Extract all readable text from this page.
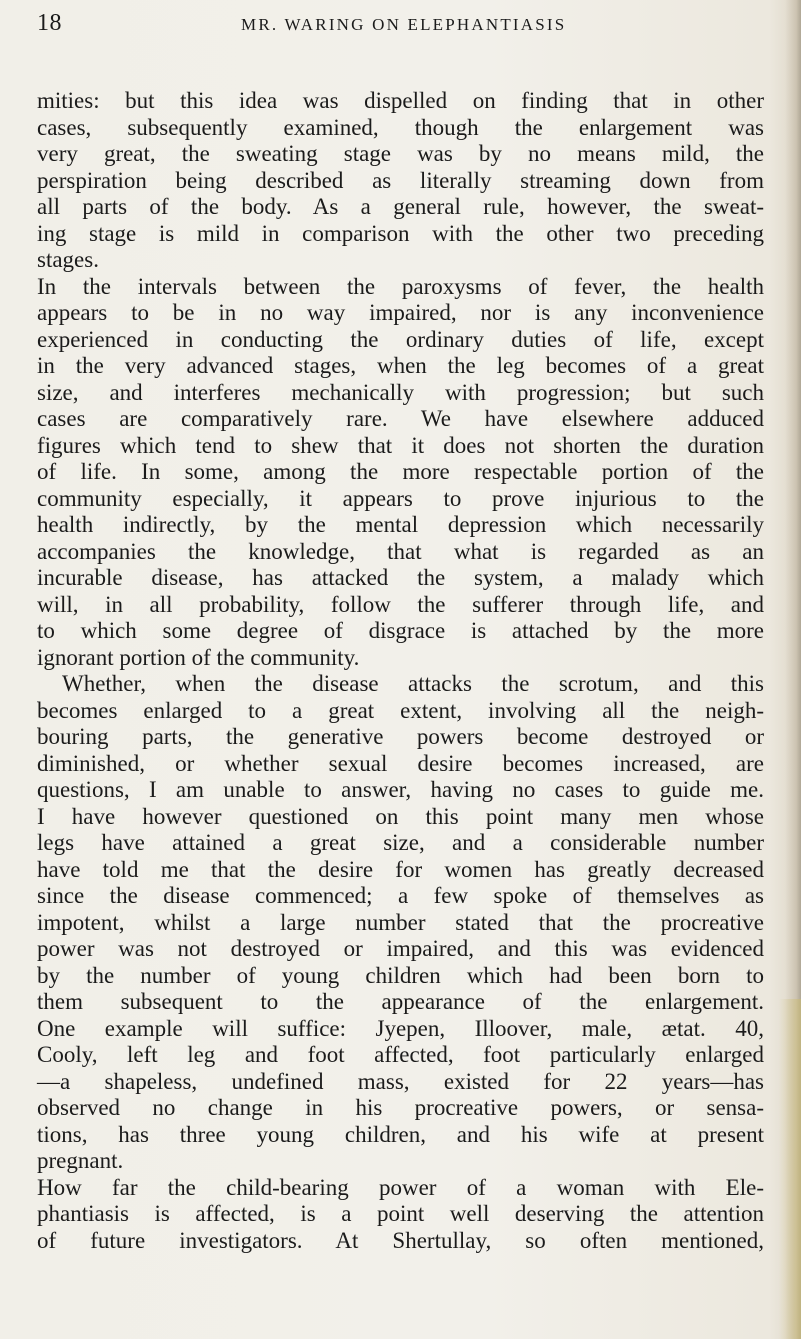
18	MR. WARING ON ELEPHANTIASIS
mities: but this idea was dispelled on finding that in other
cases, subsequently examined, though the enlargement was
very great, the sweating stage was by no means mild, the
perspiration being described as literally streaming down from
all parts of the body. As a general rule, however, the sweat-
ing stage is mild in comparison with the other two preceding
stages.
In the intervals between the paroxysms of fever, the health
appears to be in no way impaired, nor is any inconvenience
experienced in conducting the ordinary duties of life, except
in the very advanced stages, when the leg becomes of a great
size, and interferes mechanically with progression; but such
cases are comparatively rare. We have elsewhere adduced
figures which tend to shew that it does not shorten the duration
of life. In some, among the more respectable portion of the
community especially, it appears to prove injurious to the
health indirectly, by the mental depression which necessarily
accompanies the knowledge, that what is regarded as an
incurable disease, has attacked the system, a malady which
will, in all probability, follow the sufferer through life, and
to which some degree of disgrace is attached by the more
ignorant portion of the community.
Whether, when the disease attacks the scrotum, and this
becomes enlarged to a great extent, involving all the neigh-
bouring parts, the generative powers become destroyed or
diminished, or whether sexual desire becomes increased, are
questions, I am unable to answer, having no cases to guide me.
I have however questioned on this point many men whose
legs have attained a great size, and a considerable number
have told me that the desire for women has greatly decreased
since the disease commenced; a few spoke of themselves as
impotent, whilst a large number stated that the procreative
power was not destroyed or impaired, and this was evidenced
by the number of young children which had been born to
them subsequent to the appearance of the enlargement.
One example will suffice: Jyepen, Illoover, male, ætat. 40,
Cooly, left leg and foot affected, foot particularly enlarged
—a shapeless, undefined mass, existed for 22 years—has
observed no change in his procreative powers, or sensa-
tions, has three young children, and his wife at present
pregnant.
How far the child-bearing power of a woman with Ele-
phantiasis is affected, is a point well deserving the attention
of future investigators. At Shertullay, so often mentioned,
